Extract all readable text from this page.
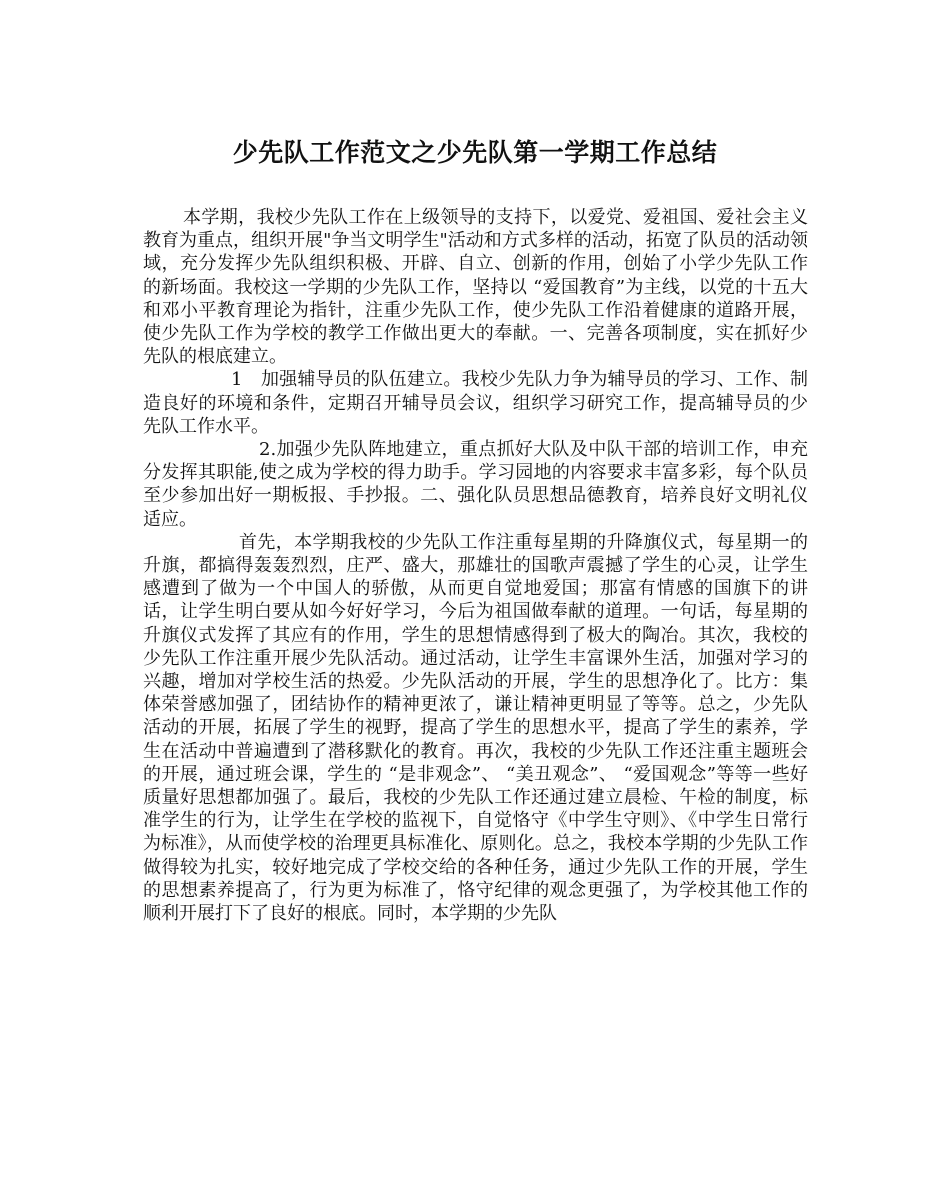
少先队工作范文之少先队第一学期工作总结

本学期，我校少先队工作在上级领导的支持下，以爱党、爱祖国、爱社会主义教育为重点，组织开展"争当文明学生"活动和方式多样的活动，拓宽了队员的活动领域，充分发挥少先队组织积极、开辟、自立、创新的作用，创始了小学少先队工作的新场面。我校这一学期的少先队工作，坚持以 “爱国教育”为主线，以党的十五大和邓小平教育理论为指针，注重少先队工作，使少先队工作沿着健康的道路开展，使少先队工作为学校的教学工作做出更大的奉献。一、完善各项制度，实在抓好少先队的根底建立。

1　加强辅导员的队伍建立。我校少先队力争为辅导员的学习、工作、制造良好的环境和条件，定期召开辅导员会议，组织学习研究工作，提高辅导员的少先队工作水平。

2.加强少先队阵地建立，重点抓好大队及中队干部的培训工作，申充分发挥其职能,使之成为学校的得力助手。学习园地的内容要求丰富多彩，每个队员至少参加出好一期板报、手抄报。二、强化队员思想品德教育，培养良好文明礼仪适应。

首先，本学期我校的少先队工作注重每星期的升降旗仪式，每星期一的升旗，都搞得轰轰烈烈，庄严、盛大，那雄壮的国歌声震撼了学生的心灵，让学生感遭到了做为一个中国人的骄傲，从而更自觉地爱国；那富有情感的国旗下的讲话，让学生明白要从如今好好学习，今后为祖国做奉献的道理。一句话，每星期的升旗仪式发挥了其应有的作用，学生的思想情感得到了极大的陶冶。其次，我校的少先队工作注重开展少先队活动。通过活动，让学生丰富课外生活，加强对学习的兴趣，增加对学校生活的热爱。少先队活动的开展，学生的思想净化了。比方：集体荣誉感加强了，团结协作的精神更浓了，谦让精神更明显了等等。总之，少先队活动的开展，拓展了学生的视野，提高了学生的思想水平，提高了学生的素养，学生在活动中普遍遭到了潜移默化的教育。再次，我校的少先队工作还注重主题班会的开展，通过班会课，学生的 “是非观念”、 “美丑观念”、 “爱国观念”等等一些好质量好思想都加强了。最后，我校的少先队工作还通过建立晨检、午检的制度，标准学生的行为，让学生在学校的监视下，自觉恪守《中学生守则》、《中学生日常行为标准》，从而使学校的治理更具标准化、原则化。总之，我校本学期的少先队工作做得较为扎实，较好地完成了学校交给的各种任务，通过少先队工作的开展，学生的思想素养提高了，行为更为标准了，恪守纪律的观念更强了，为学校其他工作的顺利开展打下了良好的根底。同时，本学期的少先队
